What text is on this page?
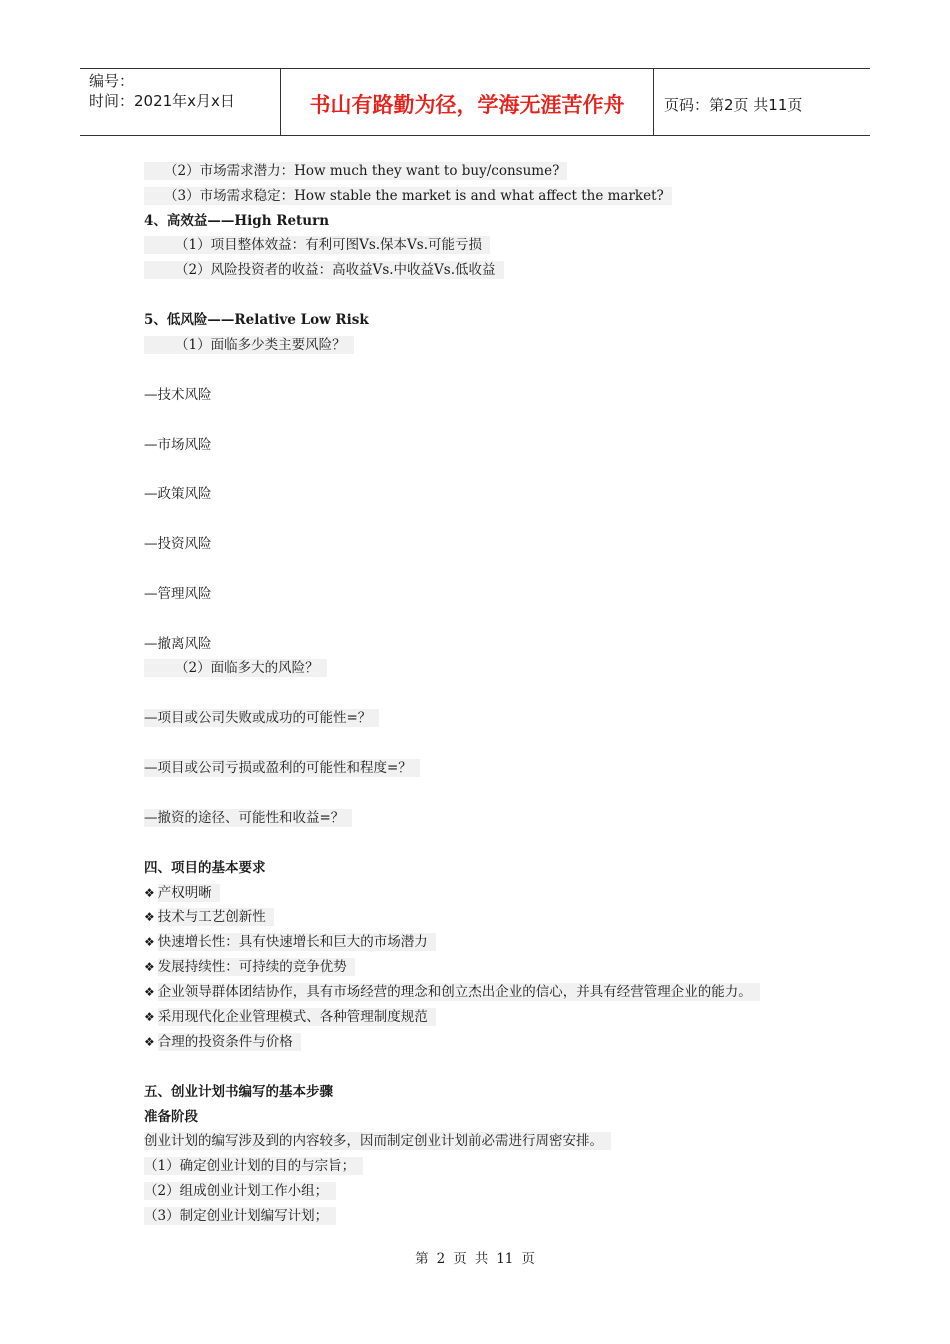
编号：
时间：2021年x月x日	书山有路勤为径，学海无涯苦作舟	页码：第2页 共11页
（2）市场需求潜力：How much they want to buy/consume?
（3）市场需求稳定：How stable the market is and what affect the market?
4、高效益——High Return
（1）项目整体效益：有利可图Vs.保本Vs.可能亏损
（2）风险投资者的收益：高收益Vs.中收益Vs.低收益
5、低风险——Relative Low Risk
（1）面临多少类主要风险？
—技术风险
—市场风险
—政策风险
—投资风险
—管理风险
—撤离风险
（2）面临多大的风险？
—项目或公司失败或成功的可能性=？
—项目或公司亏损或盈利的可能性和程度=？
—撤资的途径、可能性和收益=？
四、项目的基本要求
❖ 产权明晰
❖ 技术与工艺创新性
❖ 快速增长性：具有快速增长和巨大的市场潜力
❖ 发展持续性：可持续的竞争优势
❖ 企业领导群体团结协作，具有市场经营的理念和创立杰出企业的信心，并具有经营管理企业的能力。
❖ 采用现代化企业管理模式、各种管理制度规范
❖ 合理的投资条件与价格
五、创业计划书编写的基本步骤
准备阶段
创业计划的编写涉及到的内容较多，因而制定创业计划前必需进行周密安排。
（1）确定创业计划的目的与宗旨；
（2）组成创业计划工作小组；
（3）制定创业计划编写计划；
第 2 页 共 11 页
